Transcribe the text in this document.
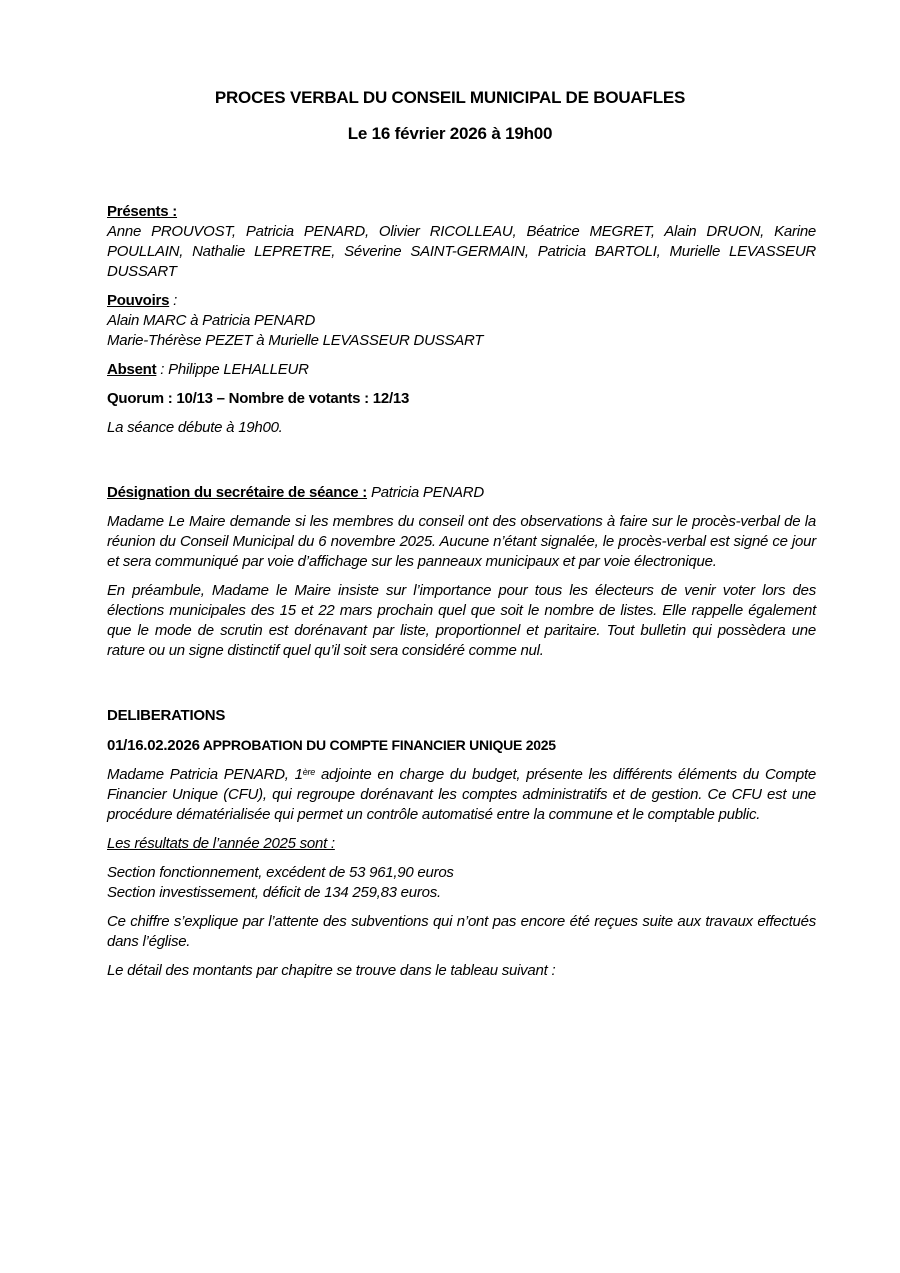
PROCES VERBAL DU CONSEIL MUNICIPAL DE BOUAFLES
Le 16 février 2026 à 19h00

Présents :

Anne PROUVOST, Patricia PENARD, Olivier RICOLLEAU, Béatrice MEGRET, Alain DRUON, Karine POULLAIN, Nathalie LEPRETRE, Séverine SAINT-GERMAIN, Patricia BARTOLI, Murielle LEVASSEUR DUSSART

Pouvoirs :

Alain MARC à Patricia PENARD

Marie-Thérèse PEZET à Murielle LEVASSEUR DUSSART

Absent : Philippe LEHALLEUR

Quorum : 10/13 – Nombre de votants : 12/13

La séance débute à 19h00.

Désignation du secrétaire de séance : Patricia PENARD

Madame Le Maire demande si les membres du conseil ont des observations à faire sur le procès-verbal de la réunion du Conseil Municipal du 6 novembre 2025. Aucune n’étant signalée, le procès-verbal est signé ce jour et sera communiqué par voie d’affichage sur les panneaux municipaux et par voie électronique.

En préambule, Madame le Maire insiste sur l’importance pour tous les électeurs de venir voter lors des élections municipales des 15 et 22 mars prochain quel que soit le nombre de listes. Elle rappelle également que le mode de scrutin est dorénavant par liste, proportionnel et paritaire. Tout bulletin qui possèdera une rature ou un signe distinctif quel qu’il soit sera considéré comme nul.

DELIBERATIONS

01/16.02.2026 APPROBATION DU COMPTE FINANCIER UNIQUE 2025

Madame Patricia PENARD, 1ère adjointe en charge du budget, présente les différents éléments du Compte Financier Unique (CFU), qui regroupe dorénavant les comptes administratifs et de gestion. Ce CFU est une procédure dématérialisée qui permet un contrôle automatisé entre la commune et le comptable public.

Les résultats de l’année 2025 sont :

Section fonctionnement, excédent de 53 961,90 euros

Section investissement, déficit de 134 259,83 euros.

Ce chiffre s’explique par l’attente des subventions qui n’ont pas encore été reçues suite aux travaux effectués dans l’église.

Le détail des montants par chapitre se trouve dans le tableau suivant :
